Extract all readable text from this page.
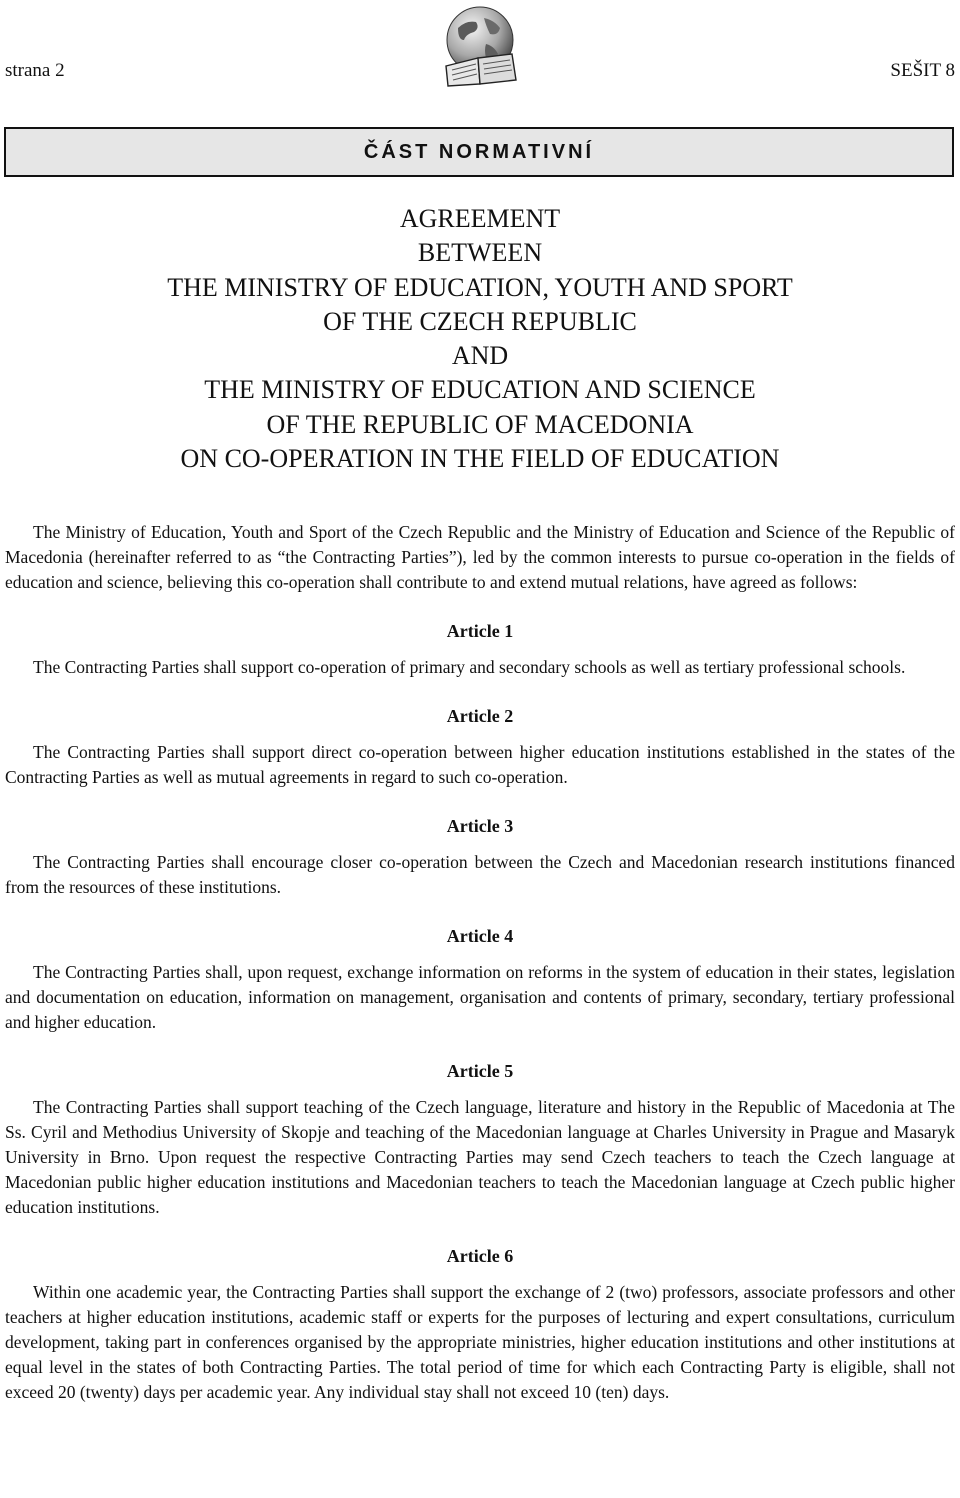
strana 2	SEŠIT 8
ČÁST NORMATIVNÍ
AGREEMENT
BETWEEN
THE MINISTRY OF EDUCATION, YOUTH AND SPORT
OF THE CZECH REPUBLIC
AND
THE MINISTRY OF EDUCATION AND SCIENCE
OF THE REPUBLIC OF MACEDONIA
ON CO-OPERATION IN THE FIELD OF EDUCATION

The Ministry of Education, Youth and Sport of the Czech Republic and the Ministry of Education and Science of the Republic of Macedonia (hereinafter referred to as “the Contracting Parties”), led by the common interests to pursue co-operation in the fields of education and science, believing this co-operation shall contribute to and extend mutual relations, have agreed as follows:

Article 1

The Contracting Parties shall support co-operation of primary and secondary schools as well as tertiary professional schools.

Article 2

The Contracting Parties shall support direct co-operation between higher education institutions established in the states of the Contracting Parties as well as mutual agreements in regard to such co-operation.

Article 3

The Contracting Parties shall encourage closer co-operation between the Czech and Macedonian research institutions financed from the resources of these institutions.

Article 4

The Contracting Parties shall, upon request, exchange information on reforms in the system of education in their states, legislation and documentation on education, information on management, organisation and contents of primary, secondary, tertiary professional and higher education.

Article 5

The Contracting Parties shall support teaching of the Czech language, literature and history in the Republic of Macedonia at The Ss. Cyril and Methodius University of Skopje and teaching of the Macedonian language at Charles University in Prague and Masaryk University in Brno. Upon request the respective Contracting Parties may send Czech teachers to teach the Czech language at Macedonian public higher education institutions and Macedonian teachers to teach the Macedonian language at Czech public higher education institutions.

Article 6

Within one academic year, the Contracting Parties shall support the exchange of 2 (two) professors, associate professors and other teachers at higher education institutions, academic staff or experts for the purposes of lecturing and expert consultations, curriculum development, taking part in conferences organised by the appropriate ministries, higher education institutions and other institutions at equal level in the states of both Contracting Parties. The total period of time for which each Contracting Party is eligible, shall not exceed 20 (twenty) days per academic year. Any individual stay shall not exceed 10 (ten) days.
